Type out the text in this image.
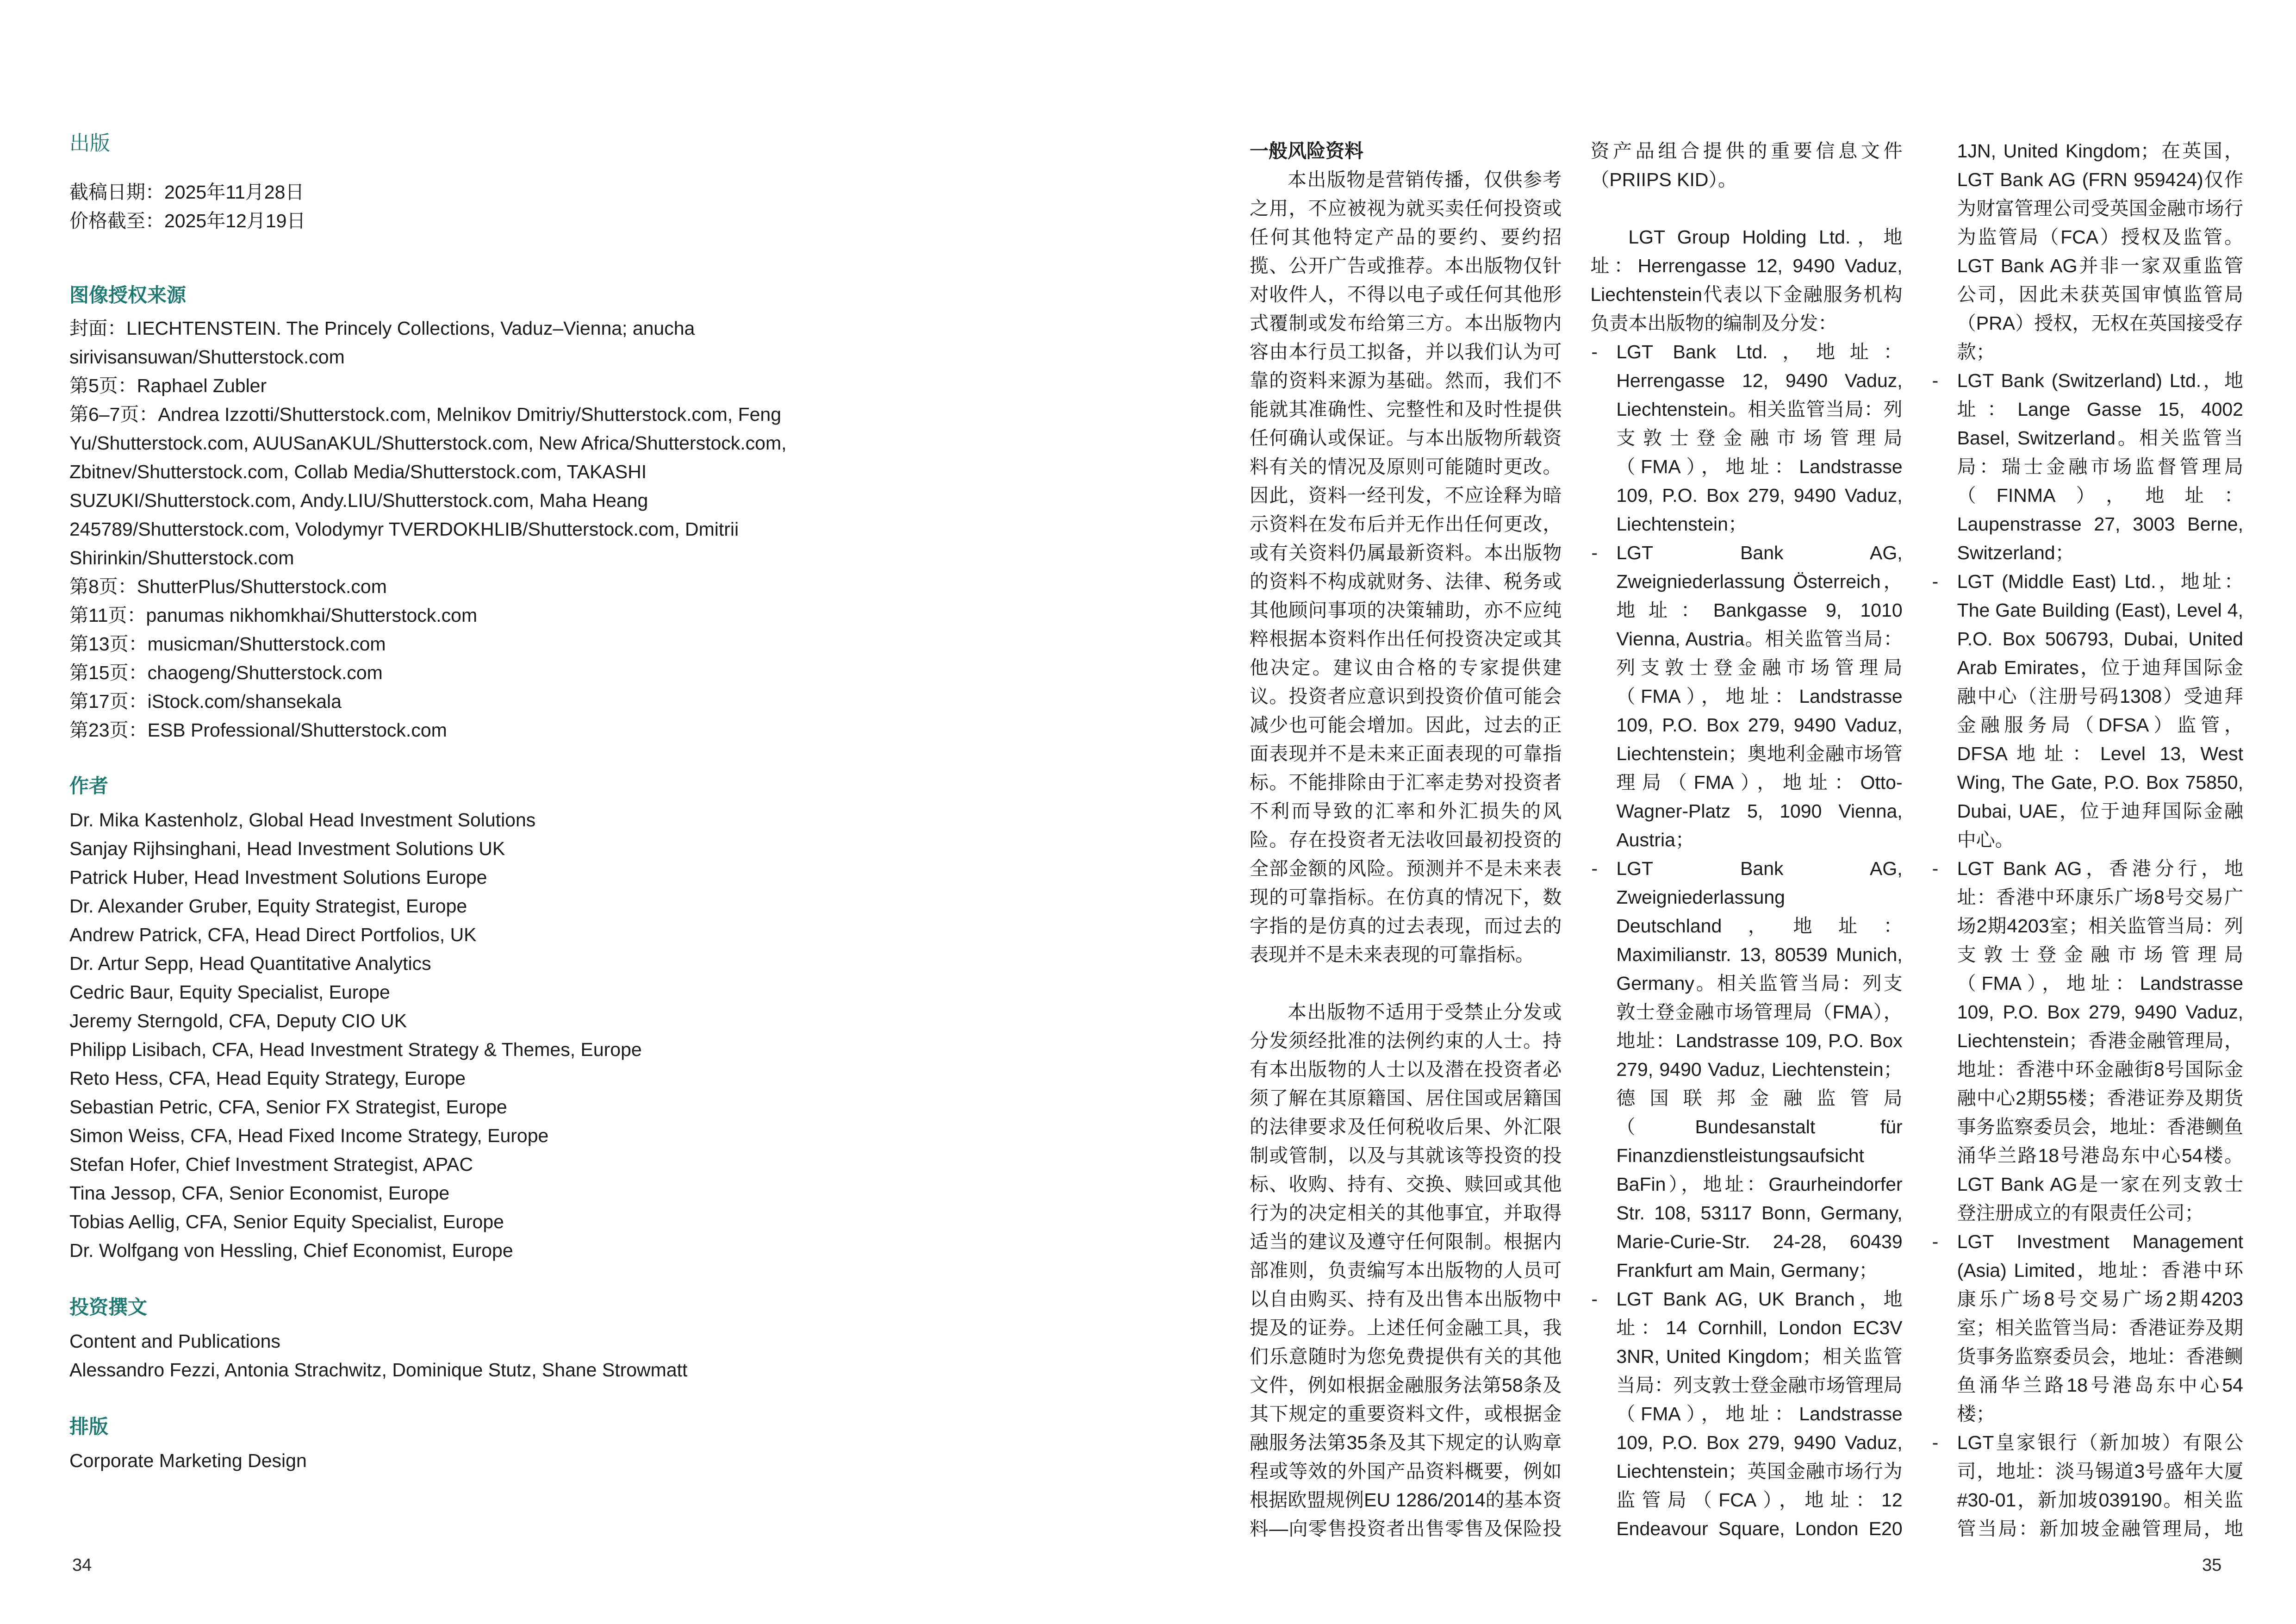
出版
截稿日期：2025年11月28日
价格截至：2025年12月19日
图像授权来源
封面：LIECHTENSTEIN. The Princely Collections, Vaduz–Vienna; anucha sirivisansuwan/Shutterstock.com
第5页：Raphael Zubler
第6–7页：Andrea Izzotti/Shutterstock.com, Melnikov Dmitriy/Shutterstock.com, Feng Yu/Shutterstock.com, AUUSanAKUL/Shutterstock.com, New Africa/Shutterstock.com, Zbitnev/Shutterstock.com, Collab Media/Shutterstock.com, TAKASHI SUZUKI/Shutterstock.com, Andy.LIU/Shutterstock.com, Maha Heang 245789/Shutterstock.com, Volodymyr TVERDOKHLIB/Shutterstock.com, Dmitrii Shirinkin/Shutterstock.com
第8页：ShutterPlus/Shutterstock.com
第11页：panumas nikhomkhai/Shutterstock.com
第13页：musicman/Shutterstock.com
第15页：chaogeng/Shutterstock.com
第17页：iStock.com/shansekala
第23页：ESB Professional/Shutterstock.com
作者
Dr. Mika Kastenholz, Global Head Investment Solutions
Sanjay Rijhsinghani, Head Investment Solutions UK
Patrick Huber, Head Investment Solutions Europe
Dr. Alexander Gruber, Equity Strategist, Europe
Andrew Patrick, CFA, Head Direct Portfolios, UK
Dr. Artur Sepp, Head Quantitative Analytics
Cedric Baur, Equity Specialist, Europe
Jeremy Sterngold, CFA, Deputy CIO UK
Philipp Lisibach, CFA, Head Investment Strategy & Themes, Europe
Reto Hess, CFA, Head Equity Strategy, Europe
Sebastian Petric, CFA, Senior FX Strategist, Europe
Simon Weiss, CFA, Head Fixed Income Strategy, Europe
Stefan Hofer, Chief Investment Strategist, APAC
Tina Jessop, CFA, Senior Economist, Europe
Tobias Aellig, CFA, Senior Equity Specialist, Europe
Dr. Wolfgang von Hessling, Chief Economist, Europe
投资撰文
Content and Publications
Alessandro Fezzi, Antonia Strachwitz, Dominique Stutz, Shane Strowmatt
排版
Corporate Marketing Design
一般风险资料

本出版物是营销传播，仅供参考之用，不应被视为就买卖任何投资或任何其他特定产品的要约、要约招揽、公开广告或推荐。本出版物仅针对收件人，不得以电子或任何其他形式覆制或发布给第三方。本出版物内容由本行员工拟备，并以我们认为可靠的资料来源为基础。然而，我们不能就其准确性、完整性和及时性提供任何确认或保证。与本出版物所载资料有关的情况及原则可能随时更改。因此，资料一经刊发，不应诠释为暗示资料在发布后并无作出任何更改，或有关资料仍属最新资料。本出版物的资料不构成就财务、法律、税务或其他顾问事项的决策辅助，亦不应纯粹根据本资料作出任何投资决定或其他决定。建议由合格的专家提供建议。投资者应意识到投资价值可能会减少也可能会增加。因此，过去的正面表现并不是未来正面表现的可靠指标。不能排除由于汇率走势对投资者不利而导致的汇率和外汇损失的风险。存在投资者无法收回最初投资的全部金额的风险。预测并不是未来表现的可靠指标。在仿真的情况下，数字指的是仿真的过去表现，而过去的表现并不是未来表现的可靠指标。

本出版物不适用于受禁止分发或分发须经批准的法例约束的人士。持有本出版物的人士以及潜在投资者必须了解在其原籍国、居住国或居籍国的法律要求及任何税收后果、外汇限制或管制，以及与其就该等投资的投标、收购、持有、交换、赎回或其他行为的决定相关的其他事宜，并取得适当的建议及遵守任何限制。根据内部准则，负责编写本出版物的人员可以自由购买、持有及出售本出版物中提及的证券。上述任何金融工具，我们乐意随时为您免费提供有关的其他文件，例如根据金融服务法第58条及其下规定的重要资料文件，或根据金融服务法第35条及其下规定的认购章程或等效的外国产品资料概要，例如根据欧盟规例EU 1286/2014的基本资料—向零售投资者出售零售及保险投资产品组合提供的重要信息文件（PRIIPS KID）。

LGT Group Holding Ltd.，地址：Herrengasse 12, 9490 Vaduz, Liechtenstein代表以下金融服务机构负责本出版物的编制及分发：

- LGT Bank Ltd.，地址：Herrengasse 12, 9490 Vaduz, Liechtenstein。相关监管当局：列支敦士登金融市场管理局（FMA），地址：Landstrasse 109, P.O. Box 279, 9490 Vaduz, Liechtenstein；
- LGT Bank AG, Zweigniederlassung Österreich，地址：Bankgasse 9, 1010 Vienna, Austria。相关监管当局：列支敦士登金融市场管理局（FMA），地址：Landstrasse 109, P.O. Box 279, 9490 Vaduz, Liechtenstein；奥地利金融市场管理局（FMA），地址：Otto-Wagner-Platz 5, 1090 Vienna, Austria；
- LGT Bank AG, Zweigniederlassung Deutschland，地址：Maximilianstr. 13, 80539 Munich, Germany。相关监管当局：列支敦士登金融市场管理局（FMA），地址：Landstrasse 109, P.O. Box 279, 9490 Vaduz, Liechtenstein；德国联邦金融监管局（Bundesanstalt für Finanzdienstleistungsaufsicht BaFin），地址：Graurheindorfer Str. 108, 53117 Bonn, Germany, Marie-Curie-Str. 24-28, 60439 Frankfurt am Main, Germany；
- LGT Bank AG, UK Branch，地址：14 Cornhill, London EC3V 3NR, United Kingdom；相关监管当局：列支敦士登金融市场管理局（FMA），地址：Landstrasse 109, P.O. Box 279, 9490 Vaduz, Liechtenstein；英国金融市场行为监管局（FCA），地址：12 Endeavour Square, London E20 1JN, United Kingdom；在英国，LGT Bank AG (FRN 959424)仅作为财富管理公司受英国金融市场行为监管局（FCA）授权及监管。LGT Bank AG并非一家双重监管公司，因此未获英国审慎监管局（PRA）授权，无权在英国接受存款；
- LGT Bank (Switzerland) Ltd.，地址：Lange Gasse 15, 4002 Basel, Switzerland。相关监管当局：瑞士金融市场监督管理局（FINMA），地址：Laupenstrasse 27, 3003 Berne, Switzerland；
- LGT (Middle East) Ltd.，地址：The Gate Building (East), Level 4, P.O. Box 506793, Dubai, United Arab Emirates，位于迪拜国际金融中心（注册号码1308）受迪拜金融服务局（DFSA）监管，DFSA地址：Level 13, West Wing, The Gate, P.O. Box 75850, Dubai, UAE，位于迪拜国际金融中心。
- LGT Bank AG，香港分行，地址：香港中环康乐广场8号交易广场2期4203室；相关监管当局：列支敦士登金融市场管理局（FMA），地址：Landstrasse 109, P.O. Box 279, 9490 Vaduz, Liechtenstein；香港金融管理局，地址：香港中环金融街8号国际金融中心2期55楼；香港证券及期货事务监察委员会，地址：香港鲗鱼涌华兰路18号港岛东中心54楼。LGT Bank AG是一家在列支敦士登注册成立的有限责任公司；
- LGT Investment Management (Asia) Limited，地址：香港中环康乐广场8号交易广场2期4203室；相关监管当局：香港证券及期货事务监察委员会，地址：香港鲗鱼涌华兰路18号港岛东中心54楼；
- LGT皇家银行（新加坡）有限公司，地址：淡马锡道3号盛年大厦#30-01，新加坡039190。相关监管当局：新加坡金融管理局，地

34	35
